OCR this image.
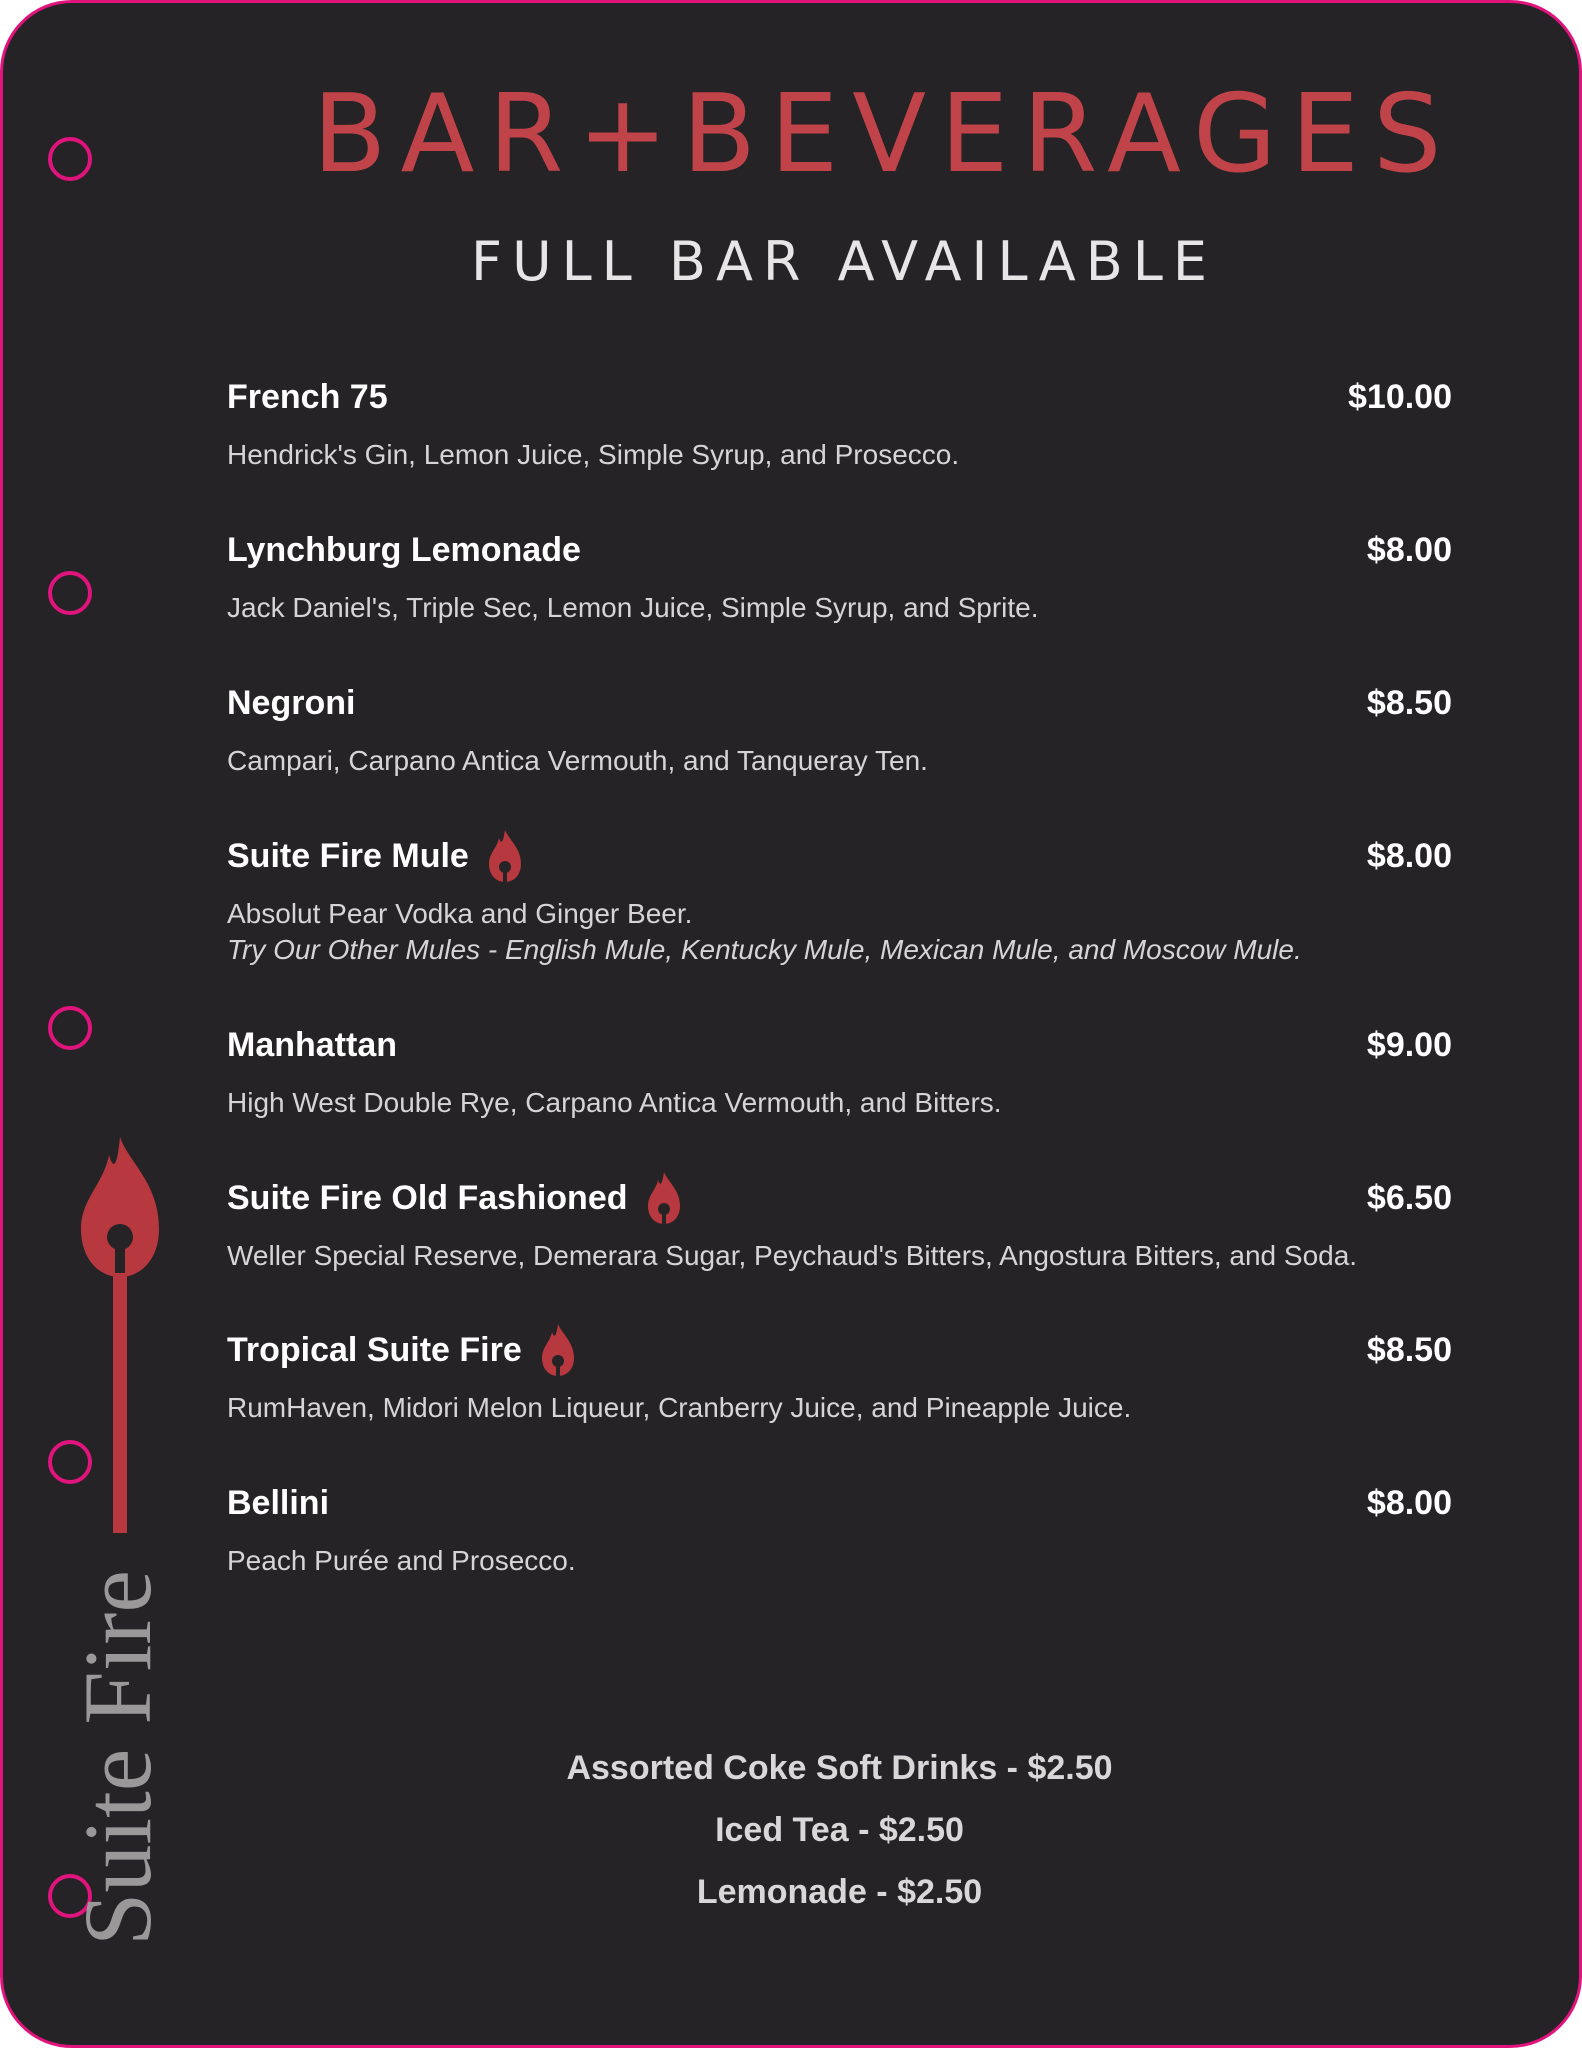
BAR+BEVERAGES
FULL BAR AVAILABLE
French 75	$10.00
Hendrick's Gin, Lemon Juice, Simple Syrup, and Prosecco.
Lynchburg Lemonade	$8.00
Jack Daniel's, Triple Sec, Lemon Juice, Simple Syrup, and Sprite.
Negroni	$8.50
Campari, Carpano Antica Vermouth, and Tanqueray Ten.
Suite Fire Mule	$8.00
Absolut Pear Vodka and Ginger Beer.
Try Our Other Mules - English Mule, Kentucky Mule, Mexican Mule, and Moscow Mule.
Manhattan	$9.00
High West Double Rye, Carpano Antica Vermouth, and Bitters.
Suite Fire Old Fashioned	$6.50
Weller Special Reserve, Demerara Sugar, Peychaud's Bitters, Angostura Bitters, and Soda.
Tropical Suite Fire	$8.50
RumHaven, Midori Melon Liqueur, Cranberry Juice, and Pineapple Juice.
Bellini	$8.00
Peach Purée and Prosecco.
Assorted Coke Soft Drinks - $2.50
Iced Tea - $2.50
Lemonade - $2.50
Suite Fire
